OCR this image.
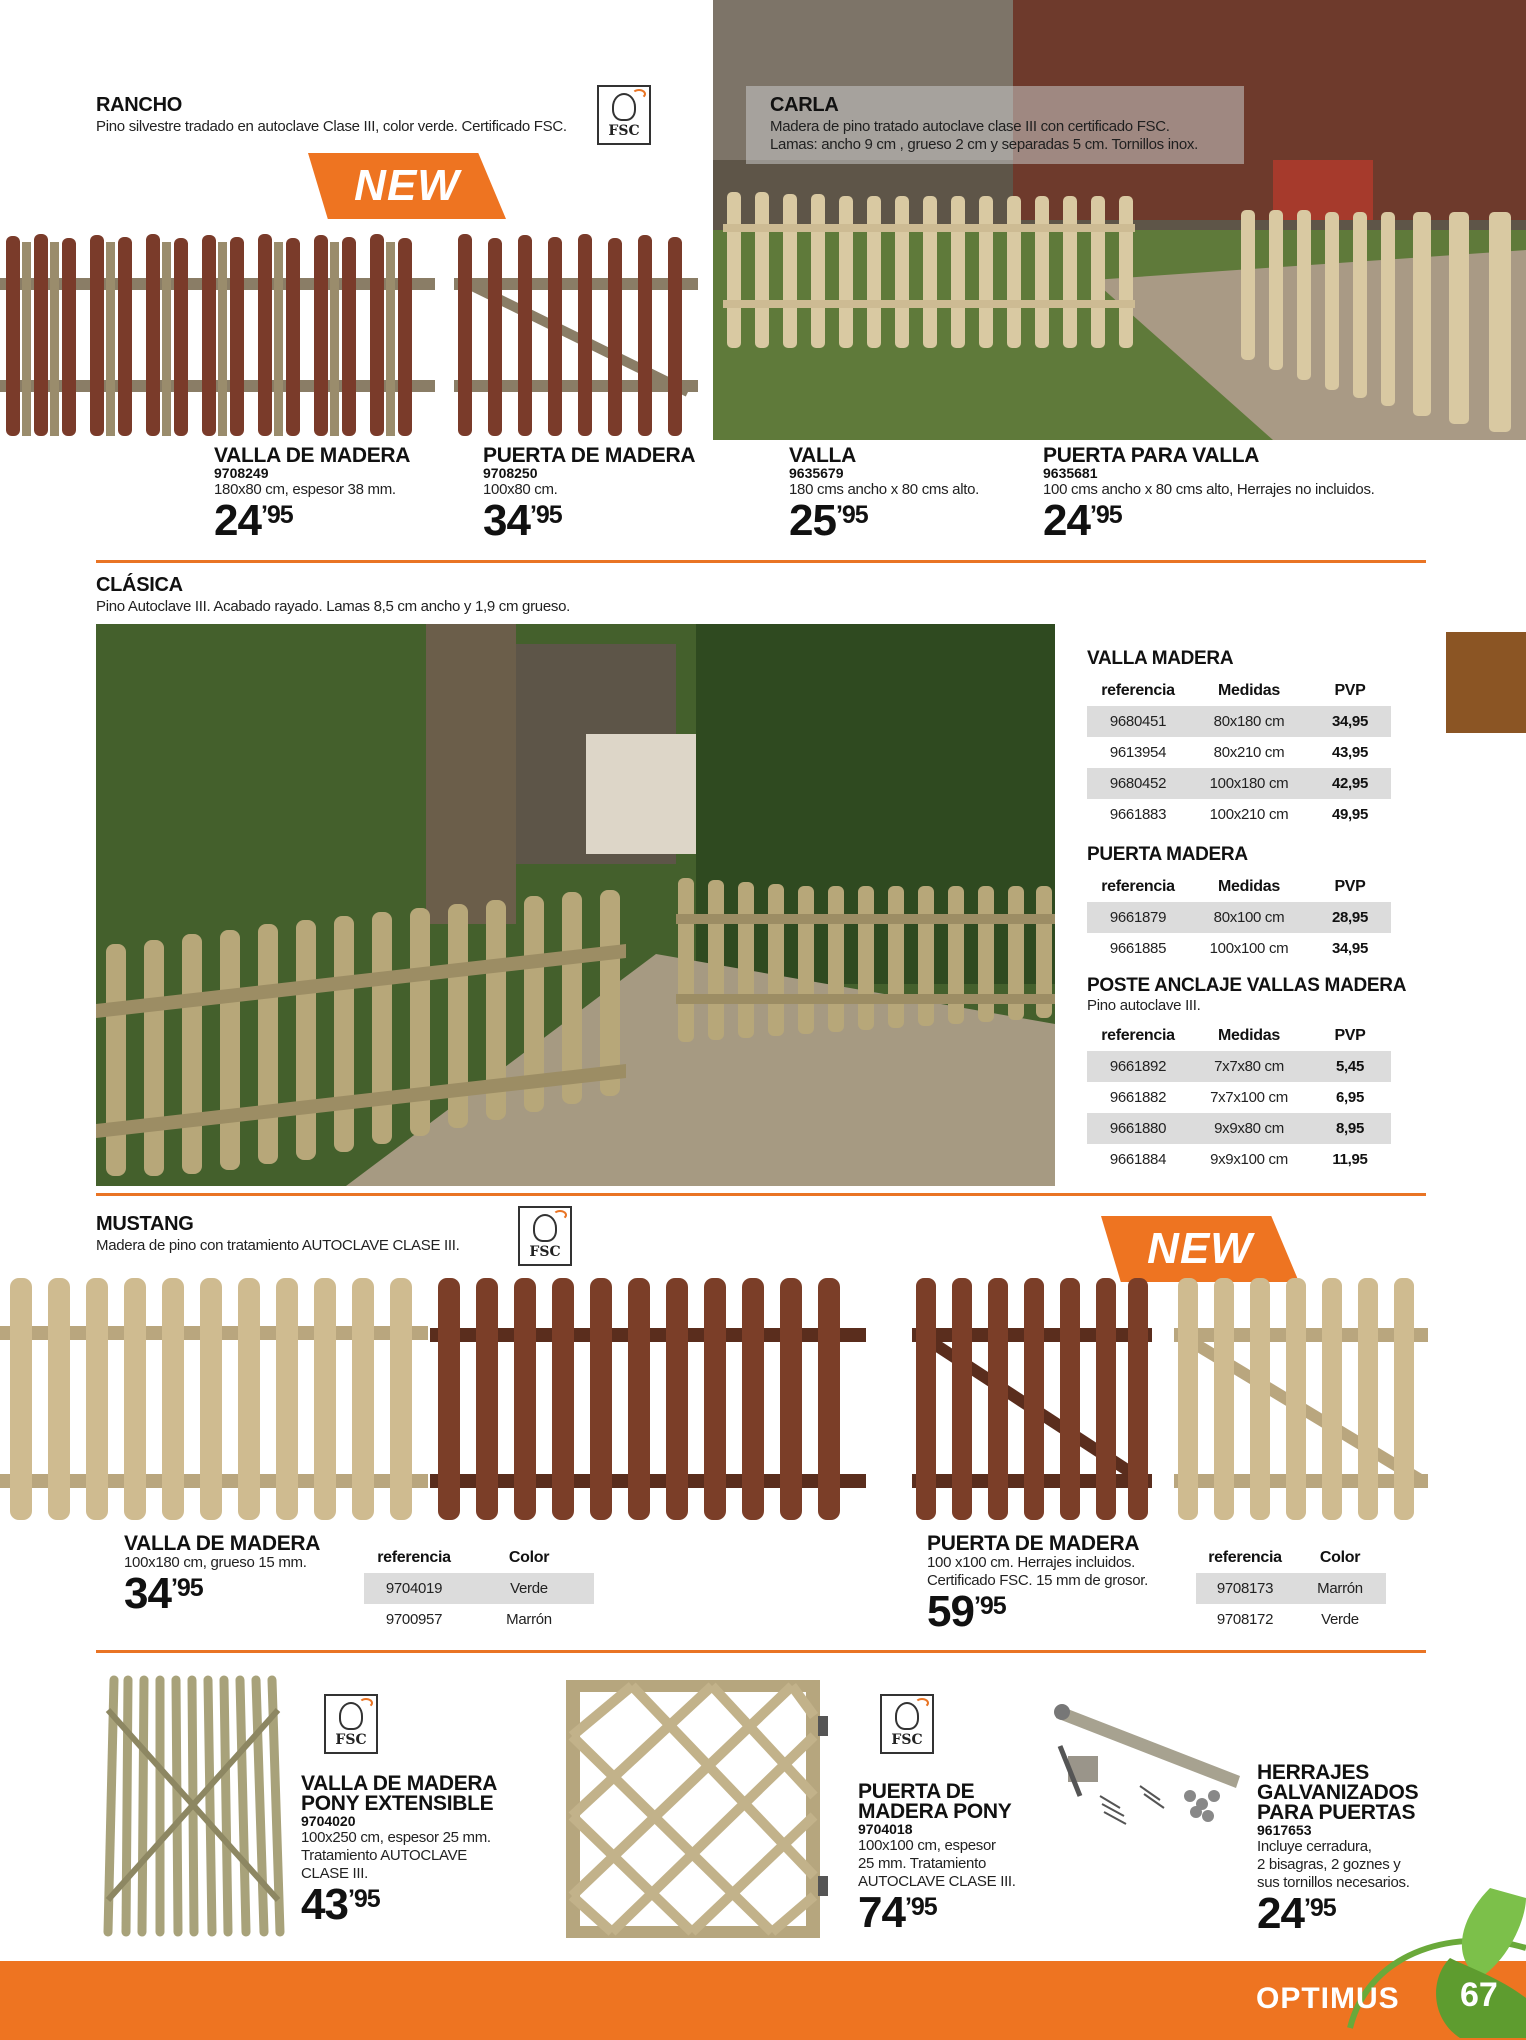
RANCHO
Pino silvestre tradado en autoclave Clase III, color verde. Certificado FSC.	FSC
NEW
VALLA DE MADERA
9708249
180x80 cm, espesor 38 mm.
24’95
PUERTA DE MADERA
9708250
100x80 cm.
34’95
CARLA
Madera de pino tratado autoclave clase III con certificado FSC.
Lamas: ancho 9 cm , grueso 2 cm y separadas 5 cm. Tornillos inox.
VALLA
9635679
180 cms ancho x 80 cms alto.
25’95
PUERTA PARA VALLA
9635681
100 cms ancho x 80 cms alto, Herrajes no incluidos.
24’95
CLÁSICA
Pino Autoclave III. Acabado rayado. Lamas 8,5 cm ancho y 1,9 cm grueso.
VALLA MADERA
referencia	Medidas	PVP
9680451	80x180 cm	34,95
9613954	80x210 cm	43,95
9680452	100x180 cm	42,95
9661883	100x210 cm	49,95
PUERTA MADERA
referencia	Medidas	PVP
9661879	80x100 cm	28,95
9661885	100x100 cm	34,95
POSTE ANCLAJE VALLAS MADERA
Pino autoclave III.
referencia	Medidas	PVP
9661892	7x7x80 cm	5,45
9661882	7x7x100 cm	6,95
9661880	9x9x80 cm	8,95
9661884	9x9x100 cm	11,95
MUSTANG
Madera de pino con tratamiento AUTOCLAVE CLASE III.	FSC	NEW
VALLA DE MADERA
100x180 cm, grueso 15 mm.
34’95
referencia	Color
9704019	Verde
9700957	Marrón
PUERTA DE MADERA
100 x100 cm. Herrajes incluidos.
Certificado FSC. 15 mm de grosor.
59’95
referencia	Color
9708173	Marrón
9708172	Verde
FSC
VALLA DE MADERA
PONY EXTENSIBLE
9704020
100x250 cm, espesor 25 mm.
Tratamiento AUTOCLAVE
CLASE III.
43’95
FSC
PUERTA DE
MADERA PONY
9704018
100x100 cm, espesor
25 mm. Tratamiento
AUTOCLAVE CLASE III.
74’95
HERRAJES
GALVANIZADOS
PARA PUERTAS
9617653
Incluye cerradura,
2 bisagras, 2 goznes y
sus tornillos necesarios.
24’95
OPTIMUS 67
